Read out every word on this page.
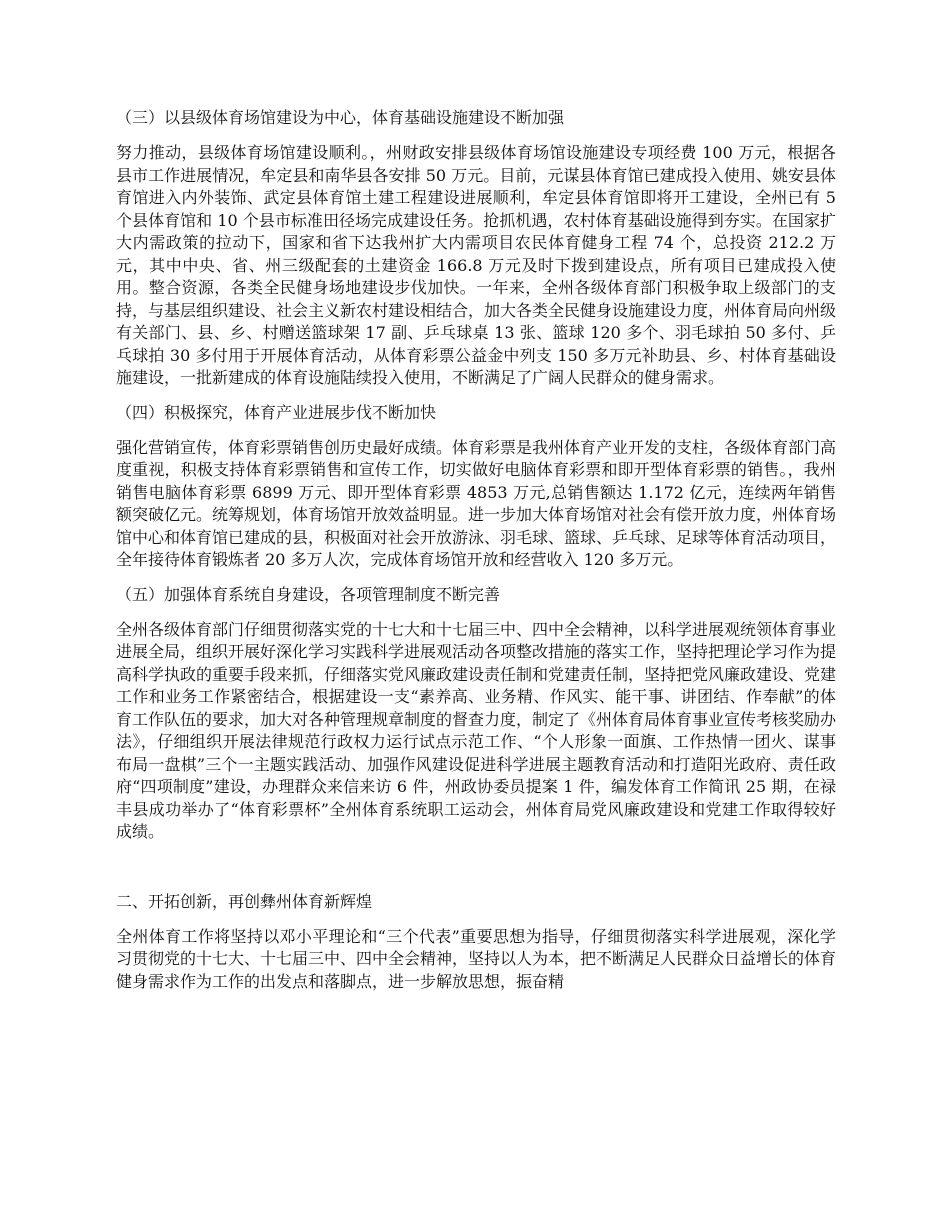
（三）以县级体育场馆建设为中心，体育基础设施建设不断加强

努力推动，县级体育场馆建设顺利。，州财政安排县级体育场馆设施建设专项经费 100 万元，根据各县市工作进展情况，牟定县和南华县各安排 50 万元。目前，元谋县体育馆已建成投入使用、姚安县体育馆进入内外装饰、武定县体育馆土建工程建设进展顺利，牟定县体育馆即将开工建设，全州已有 5 个县体育馆和 10 个县市标准田径场完成建设任务。抢抓机遇，农村体育基础设施得到夯实。在国家扩大内需政策的拉动下，国家和省下达我州扩大内需项目农民体育健身工程 74 个，总投资 212.2 万元，其中中央、省、州三级配套的土建资金 166.8 万元及时下拨到建设点，所有项目已建成投入使用。整合资源，各类全民健身场地建设步伐加快。一年来，全州各级体育部门积极争取上级部门的支持，与基层组织建设、社会主义新农村建设相结合，加大各类全民健身设施建设力度，州体育局向州级有关部门、县、乡、村赠送篮球架 17 副、乒乓球桌 13 张、篮球 120 多个、羽毛球拍 50 多付、乒乓球拍 30 多付用于开展体育活动，从体育彩票公益金中列支 150 多万元补助县、乡、村体育基础设施建设，一批新建成的体育设施陆续投入使用，不断满足了广阔人民群众的健身需求。

（四）积极探究，体育产业进展步伐不断加快

强化营销宣传，体育彩票销售创历史最好成绩。体育彩票是我州体育产业开发的支柱，各级体育部门高度重视，积极支持体育彩票销售和宣传工作，切实做好电脑体育彩票和即开型体育彩票的销售。，我州销售电脑体育彩票 6899 万元、即开型体育彩票 4853 万元,总销售额达 1.172 亿元，连续两年销售额突破亿元。统筹规划，体育场馆开放效益明显。进一步加大体育场馆对社会有偿开放力度，州体育场馆中心和体育馆已建成的县，积极面对社会开放游泳、羽毛球、篮球、乒乓球、足球等体育活动项目，全年接待体育锻炼者 20 多万人次，完成体育场馆开放和经营收入 120 多万元。

（五）加强体育系统自身建设，各项管理制度不断完善

全州各级体育部门仔细贯彻落实党的十七大和十七届三中、四中全会精神，以科学进展观统领体育事业进展全局，组织开展好深化学习实践科学进展观活动各项整改措施的落实工作，坚持把理论学习作为提高科学执政的重要手段来抓，仔细落实党风廉政建设责任制和党建责任制，坚持把党风廉政建设、党建工作和业务工作紧密结合，根据建设一支“素养高、业务精、作风实、能干事、讲团结、作奉献”的体育工作队伍的要求，加大对各种管理规章制度的督查力度，制定了《州体育局体育事业宣传考核奖励办法》，仔细组织开展法律规范行政权力运行试点示范工作、“个人形象一面旗、工作热情一团火、谋事布局一盘棋”三个一主题实践活动、加强作风建设促进科学进展主题教育活动和打造阳光政府、责任政府“四项制度”建设，办理群众来信来访 6 件，州政协委员提案 1 件，编发体育工作简讯 25 期，在禄丰县成功举办了“体育彩票杯”全州体育系统职工运动会，州体育局党风廉政建设和党建工作取得较好成绩。

二、开拓创新，再创彝州体育新辉煌

全州体育工作将坚持以邓小平理论和“三个代表”重要思想为指导，仔细贯彻落实科学进展观，深化学习贯彻党的十七大、十七届三中、四中全会精神，坚持以人为本，把不断满足人民群众日益增长的体育健身需求作为工作的出发点和落脚点，进一步解放思想，振奋精
